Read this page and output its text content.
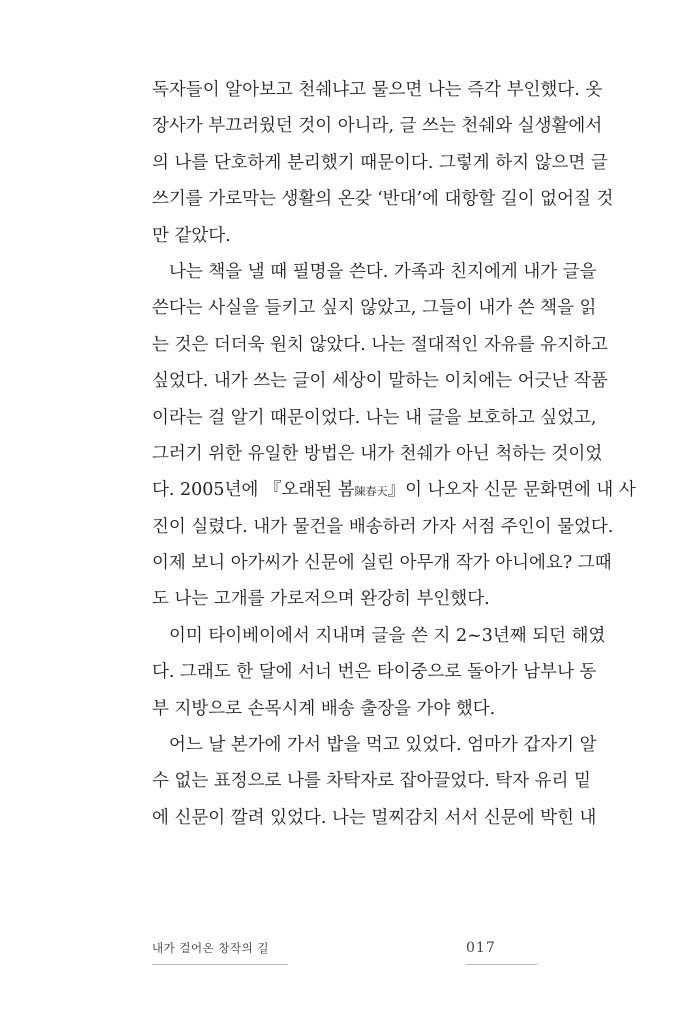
독자들이 알아보고 천쉐냐고 물으면 나는 즉각 부인했다. 옷
장사가 부끄러웠던 것이 아니라, 글 쓰는 천쉐와 실생활에서
의 나를 단호하게 분리했기 때문이다. 그렇게 하지 않으면 글
쓰기를 가로막는 생활의 온갖 ‘반대’에 대항할 길이 없어질 것
만 같았다.
나는 책을 낼 때 필명을 쓴다. 가족과 친지에게 내가 글을
쓴다는 사실을 들키고 싶지 않았고, 그들이 내가 쓴 책을 읽
는 것은 더더욱 원치 않았다. 나는 절대적인 자유를 유지하고
싶었다. 내가 쓰는 글이 세상이 말하는 이치에는 어긋난 작품
이라는 걸 알기 때문이었다. 나는 내 글을 보호하고 싶었고,
그러기 위한 유일한 방법은 내가 천쉐가 아닌 척하는 것이었
다. 2005년에 『오래된 봄陳春天』이 나오자 신문 문화면에 내 사
진이 실렸다. 내가 물건을 배송하러 가자 서점 주인이 물었다.
이제 보니 아가씨가 신문에 실린 아무개 작가 아니에요? 그때
도 나는 고개를 가로저으며 완강히 부인했다.
이미 타이베이에서 지내며 글을 쓴 지 2~3년째 되던 해였
다. 그래도 한 달에 서너 번은 타이중으로 돌아가 남부나 동
부 지방으로 손목시계 배송 출장을 가야 했다.
어느 날 본가에 가서 밥을 먹고 있었다. 엄마가 갑자기 알
수 없는 표정으로 나를 차탁자로 잡아끌었다. 탁자 유리 밑
에 신문이 깔려 있었다. 나는 멀찌감치 서서 신문에 박힌 내
내가 걸어온 창작의 길	017
